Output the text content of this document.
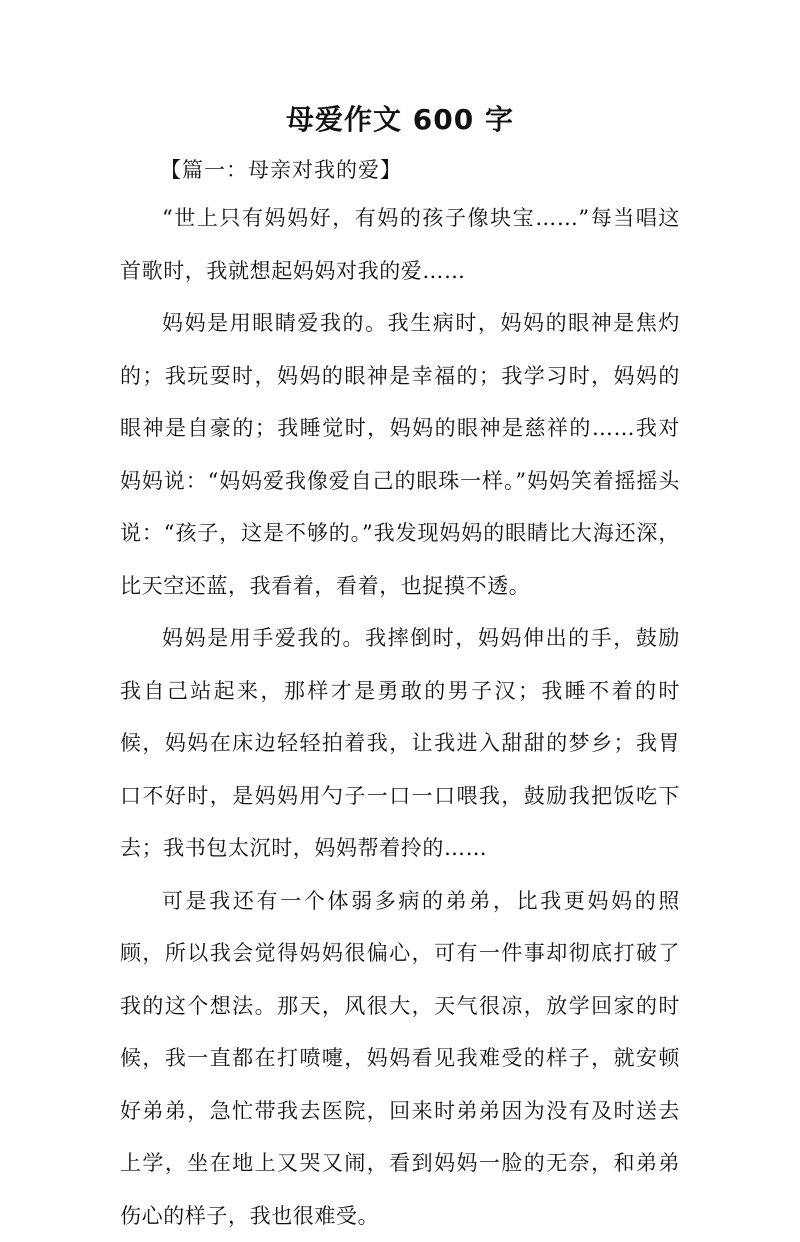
母爱作文 600 字
【篇一：母亲对我的爱】

“世上只有妈妈好，有妈的孩子像块宝……”每当唱这首歌时，我就想起妈妈对我的爱……

妈妈是用眼睛爱我的。我生病时，妈妈的眼神是焦灼的；我玩耍时，妈妈的眼神是幸福的；我学习时，妈妈的眼神是自豪的；我睡觉时，妈妈的眼神是慈祥的……我对妈妈说：“妈妈爱我像爱自己的眼珠一样。”妈妈笑着摇摇头说：“孩子，这是不够的。”我发现妈妈的眼睛比大海还深，比天空还蓝，我看着，看着，也捉摸不透。

妈妈是用手爱我的。我摔倒时，妈妈伸出的手，鼓励我自己站起来，那样才是勇敢的男子汉；我睡不着的时候，妈妈在床边轻轻拍着我，让我进入甜甜的梦乡；我胃口不好时，是妈妈用勺子一口一口喂我，鼓励我把饭吃下去；我书包太沉时，妈妈帮着拎的……

可是我还有一个体弱多病的弟弟，比我更妈妈的照顾，所以我会觉得妈妈很偏心，可有一件事却彻底打破了我的这个想法。那天，风很大，天气很凉，放学回家的时候，我一直都在打喷嚏，妈妈看见我难受的样子，就安顿好弟弟，急忙带我去医院，回来时弟弟因为没有及时送去上学，坐在地上又哭又闹，看到妈妈一脸的无奈，和弟弟伤心的样子，我也很难受。
